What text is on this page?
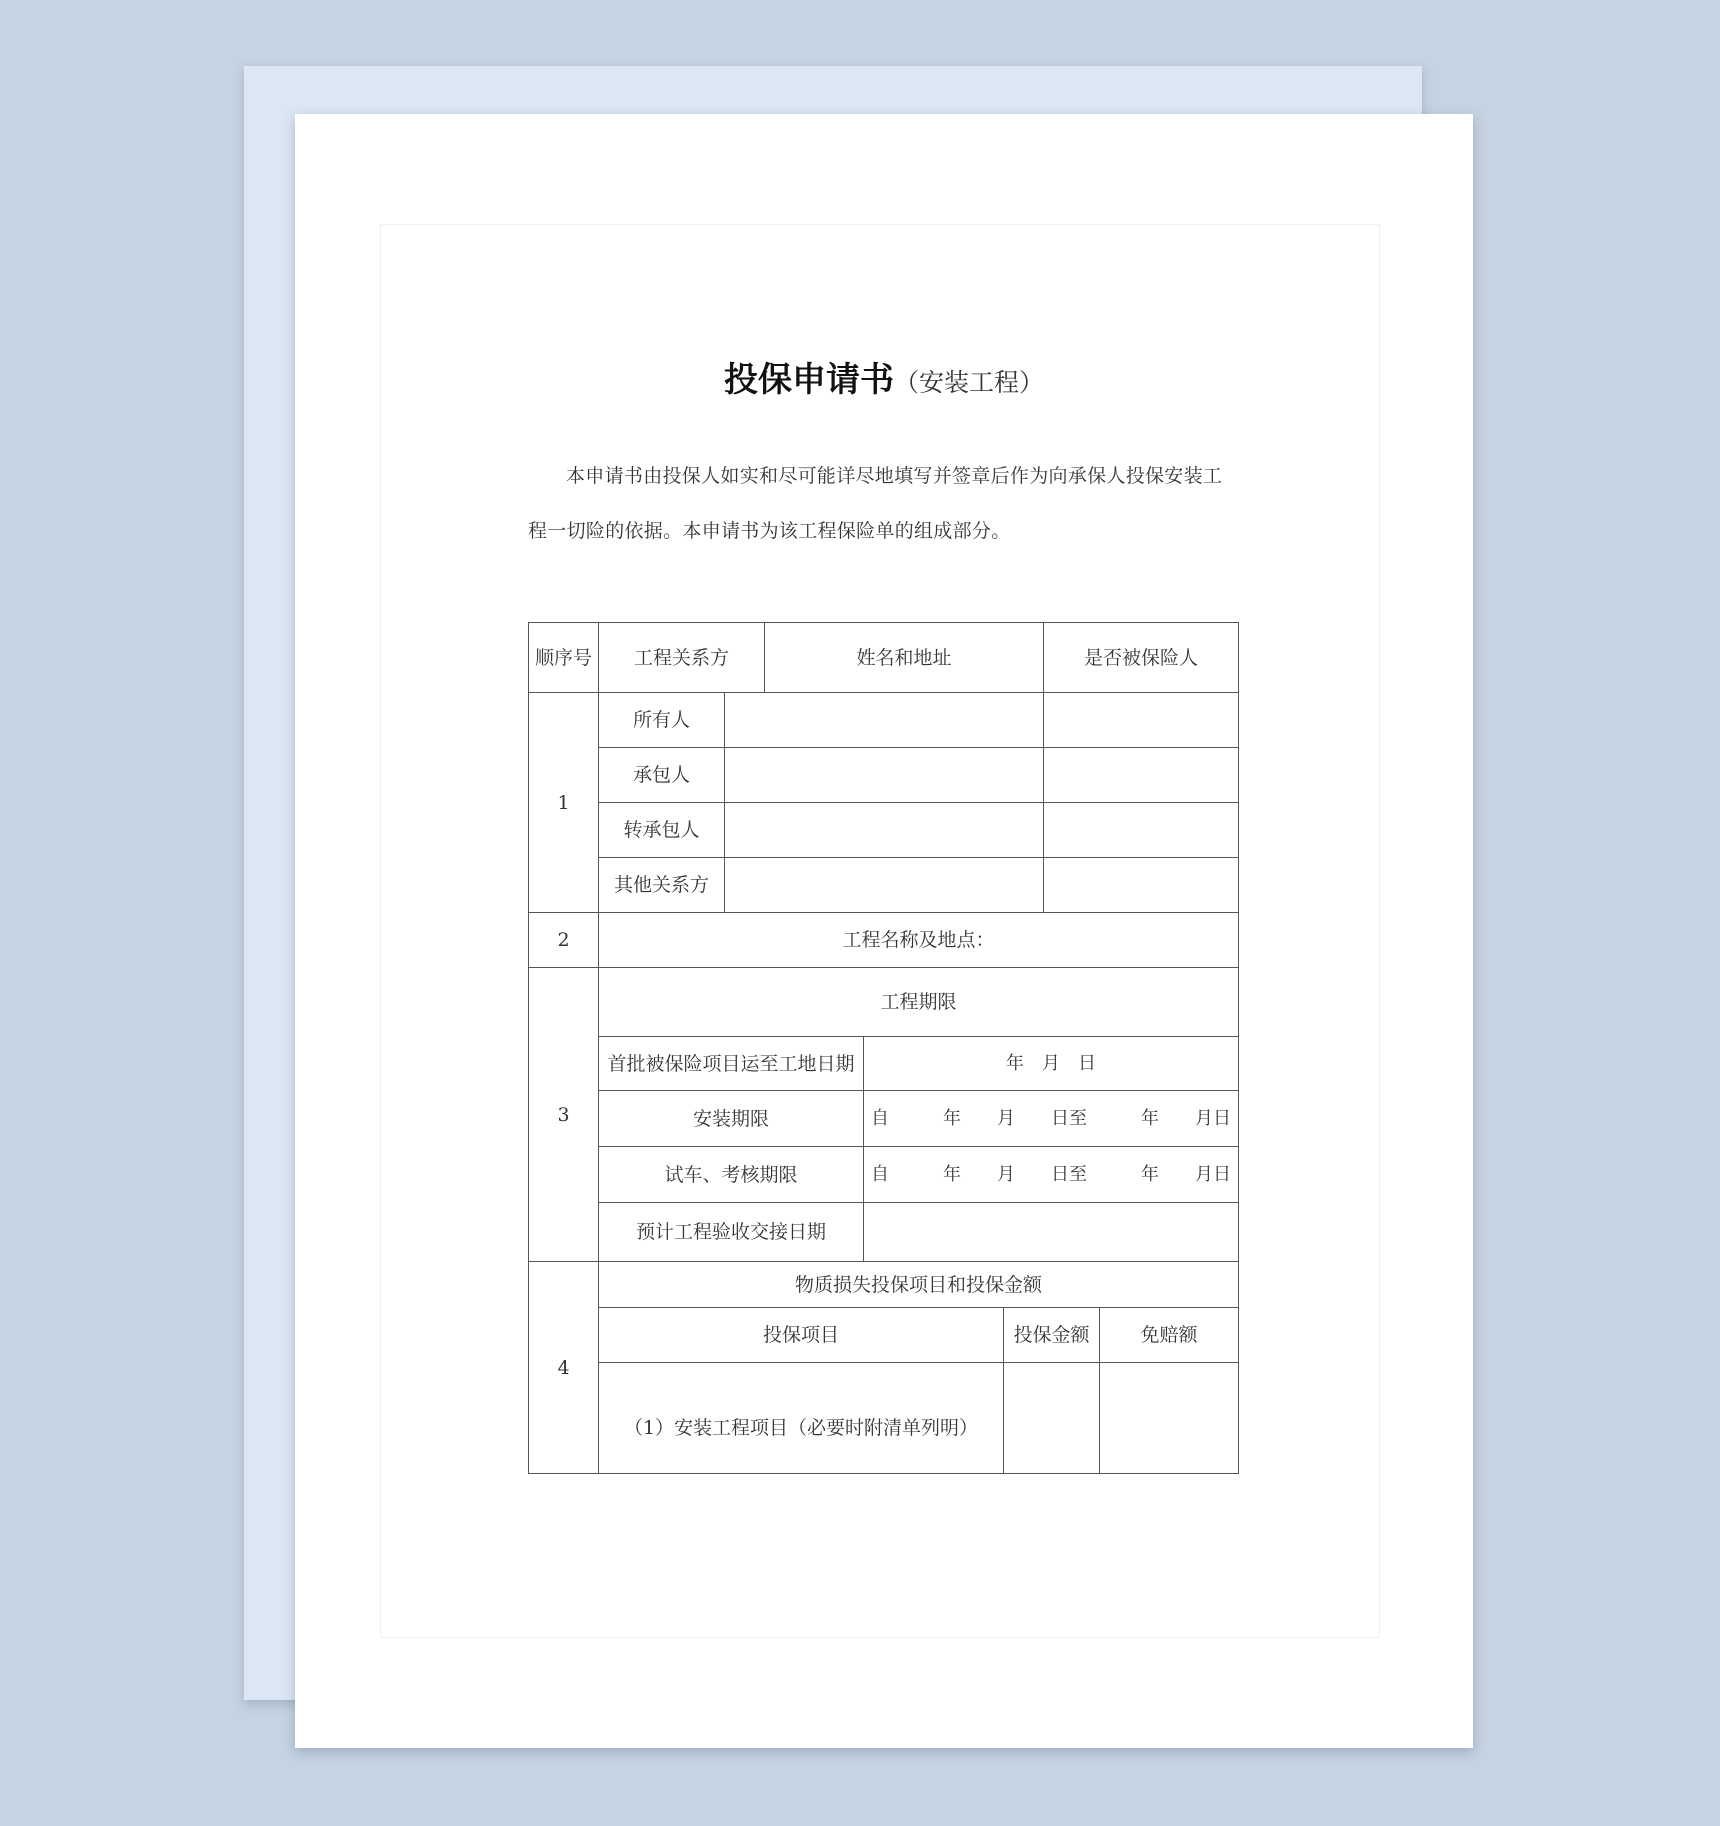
投保申请书（安装工程）

本申请书由投保人如实和尽可能详尽地填写并签章后作为向承保人投保安装工程一切险的依据。本申请书为该工程保险单的组成部分。

顺序号	工程关系方		姓名和地址			是否被保险人	
1	所有人						
	承包人						
	转承包人						
	其他关系方						
2	工程名称及地点：						
3	工程期限						
	首批被保险项目运至工地日期			年　月　日			
	安装期限			自　　　年　　月　　日至　　　年　　月日			
	试车、考核期限			自　　　年　　月　　日至　　　年　　月日			
	预计工程验收交接日期						
4	物质损失投保项目和投保金额						
	投保项目				投保金额		免赔额
	（1）安装工程项目（必要时附清单列明）						
